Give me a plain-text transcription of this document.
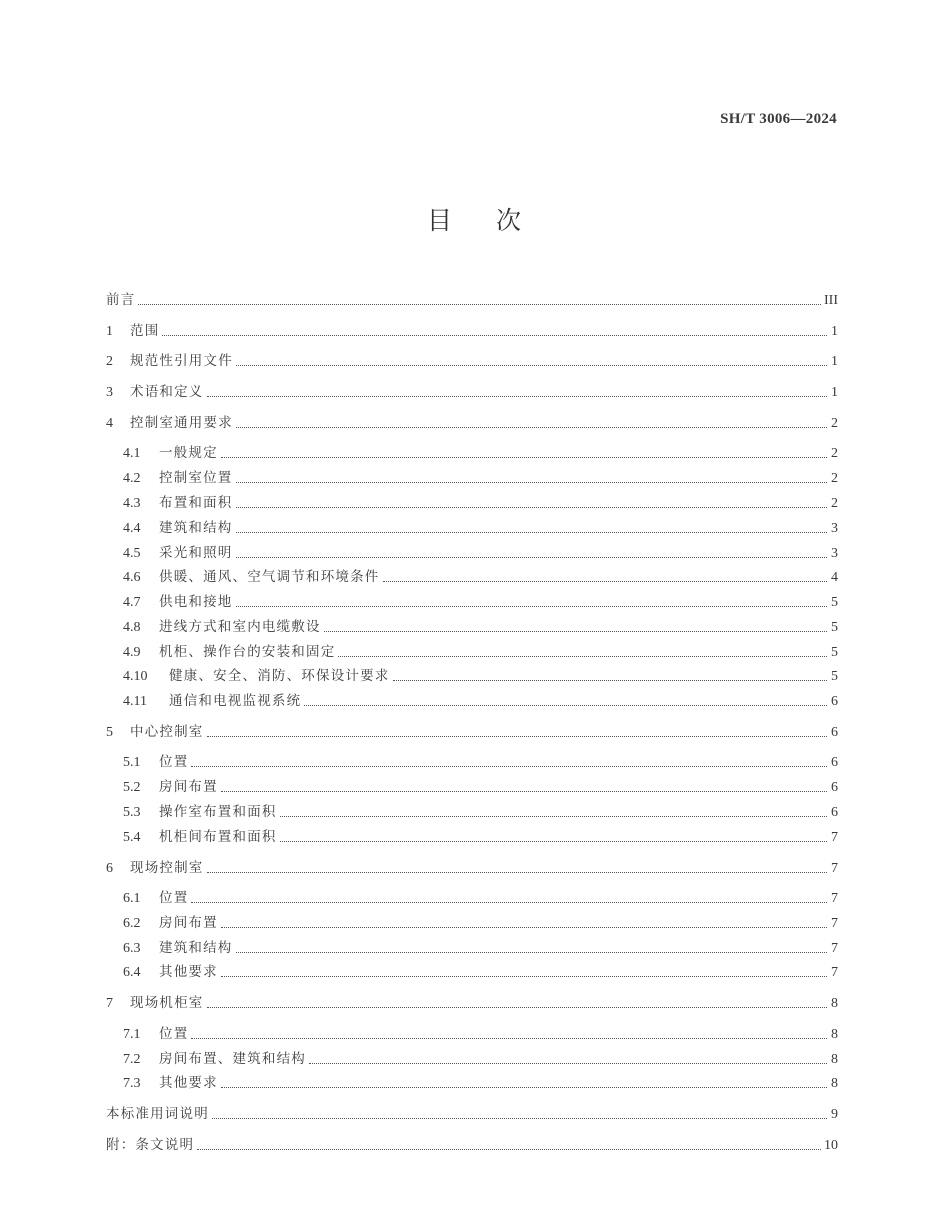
SH/T 3006—2024

目 次
前言	III
1	范围	1
2	规范性引用文件	1
3	术语和定义	1
4	控制室通用要求	2
4.1	一般规定	2
4.2	控制室位置	2
4.3	布置和面积	2
4.4	建筑和结构	3
4.5	采光和照明	3
4.6	供暖、通风、空气调节和环境条件	4
4.7	供电和接地	5
4.8	进线方式和室内电缆敷设	5
4.9	机柜、操作台的安装和固定	5
4.10	健康、安全、消防、环保设计要求	5
4.11	通信和电视监视系统	6
5	中心控制室	6
5.1	位置	6
5.2	房间布置	6
5.3	操作室布置和面积	6
5.4	机柜间布置和面积	7
6	现场控制室	7
6.1	位置	7
6.2	房间布置	7
6.3	建筑和结构	7
6.4	其他要求	7
7	现场机柜室	8
7.1	位置	8
7.2	房间布置、建筑和结构	8
7.3	其他要求	8
本标准用词说明	9
附：条文说明	10
